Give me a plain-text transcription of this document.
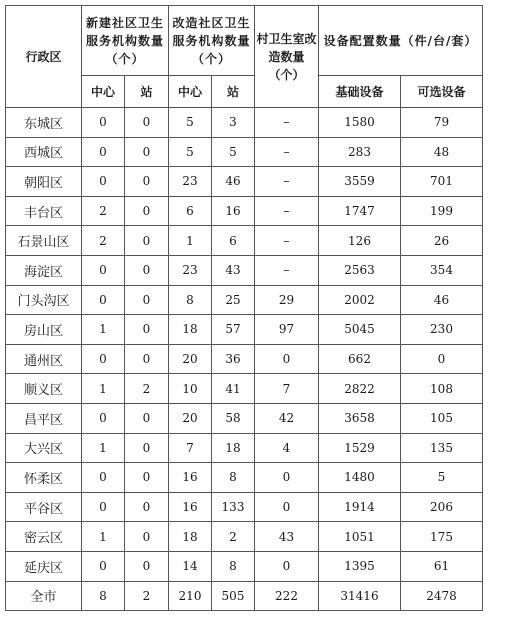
行政区	新建社区卫生服务机构数量（个）		改造社区卫生服务机构数量（个）		村卫生室改造数量（个）	设备配置数量（件/台/套）	
	中心	站	中心	站		基础设备	可选设备
东城区	0	0	5	3	–	1580	79
西城区	0	0	5	5	–	283	48
朝阳区	0	0	23	46	–	3559	701
丰台区	2	0	6	16	–	1747	199
石景山区	2	0	1	6	–	126	26
海淀区	0	0	23	43	–	2563	354
门头沟区	0	0	8	25	29	2002	46
房山区	1	0	18	57	97	5045	230
通州区	0	0	20	36	0	662	0
顺义区	1	2	10	41	7	2822	108
昌平区	0	0	20	58	42	3658	105
大兴区	1	0	7	18	4	1529	135
怀柔区	0	0	16	8	0	1480	5
平谷区	0	0	16	133	0	1914	206
密云区	1	0	18	2	43	1051	175
延庆区	0	0	14	8	0	1395	61
全市	8	2	210	505	222	31416	2478
